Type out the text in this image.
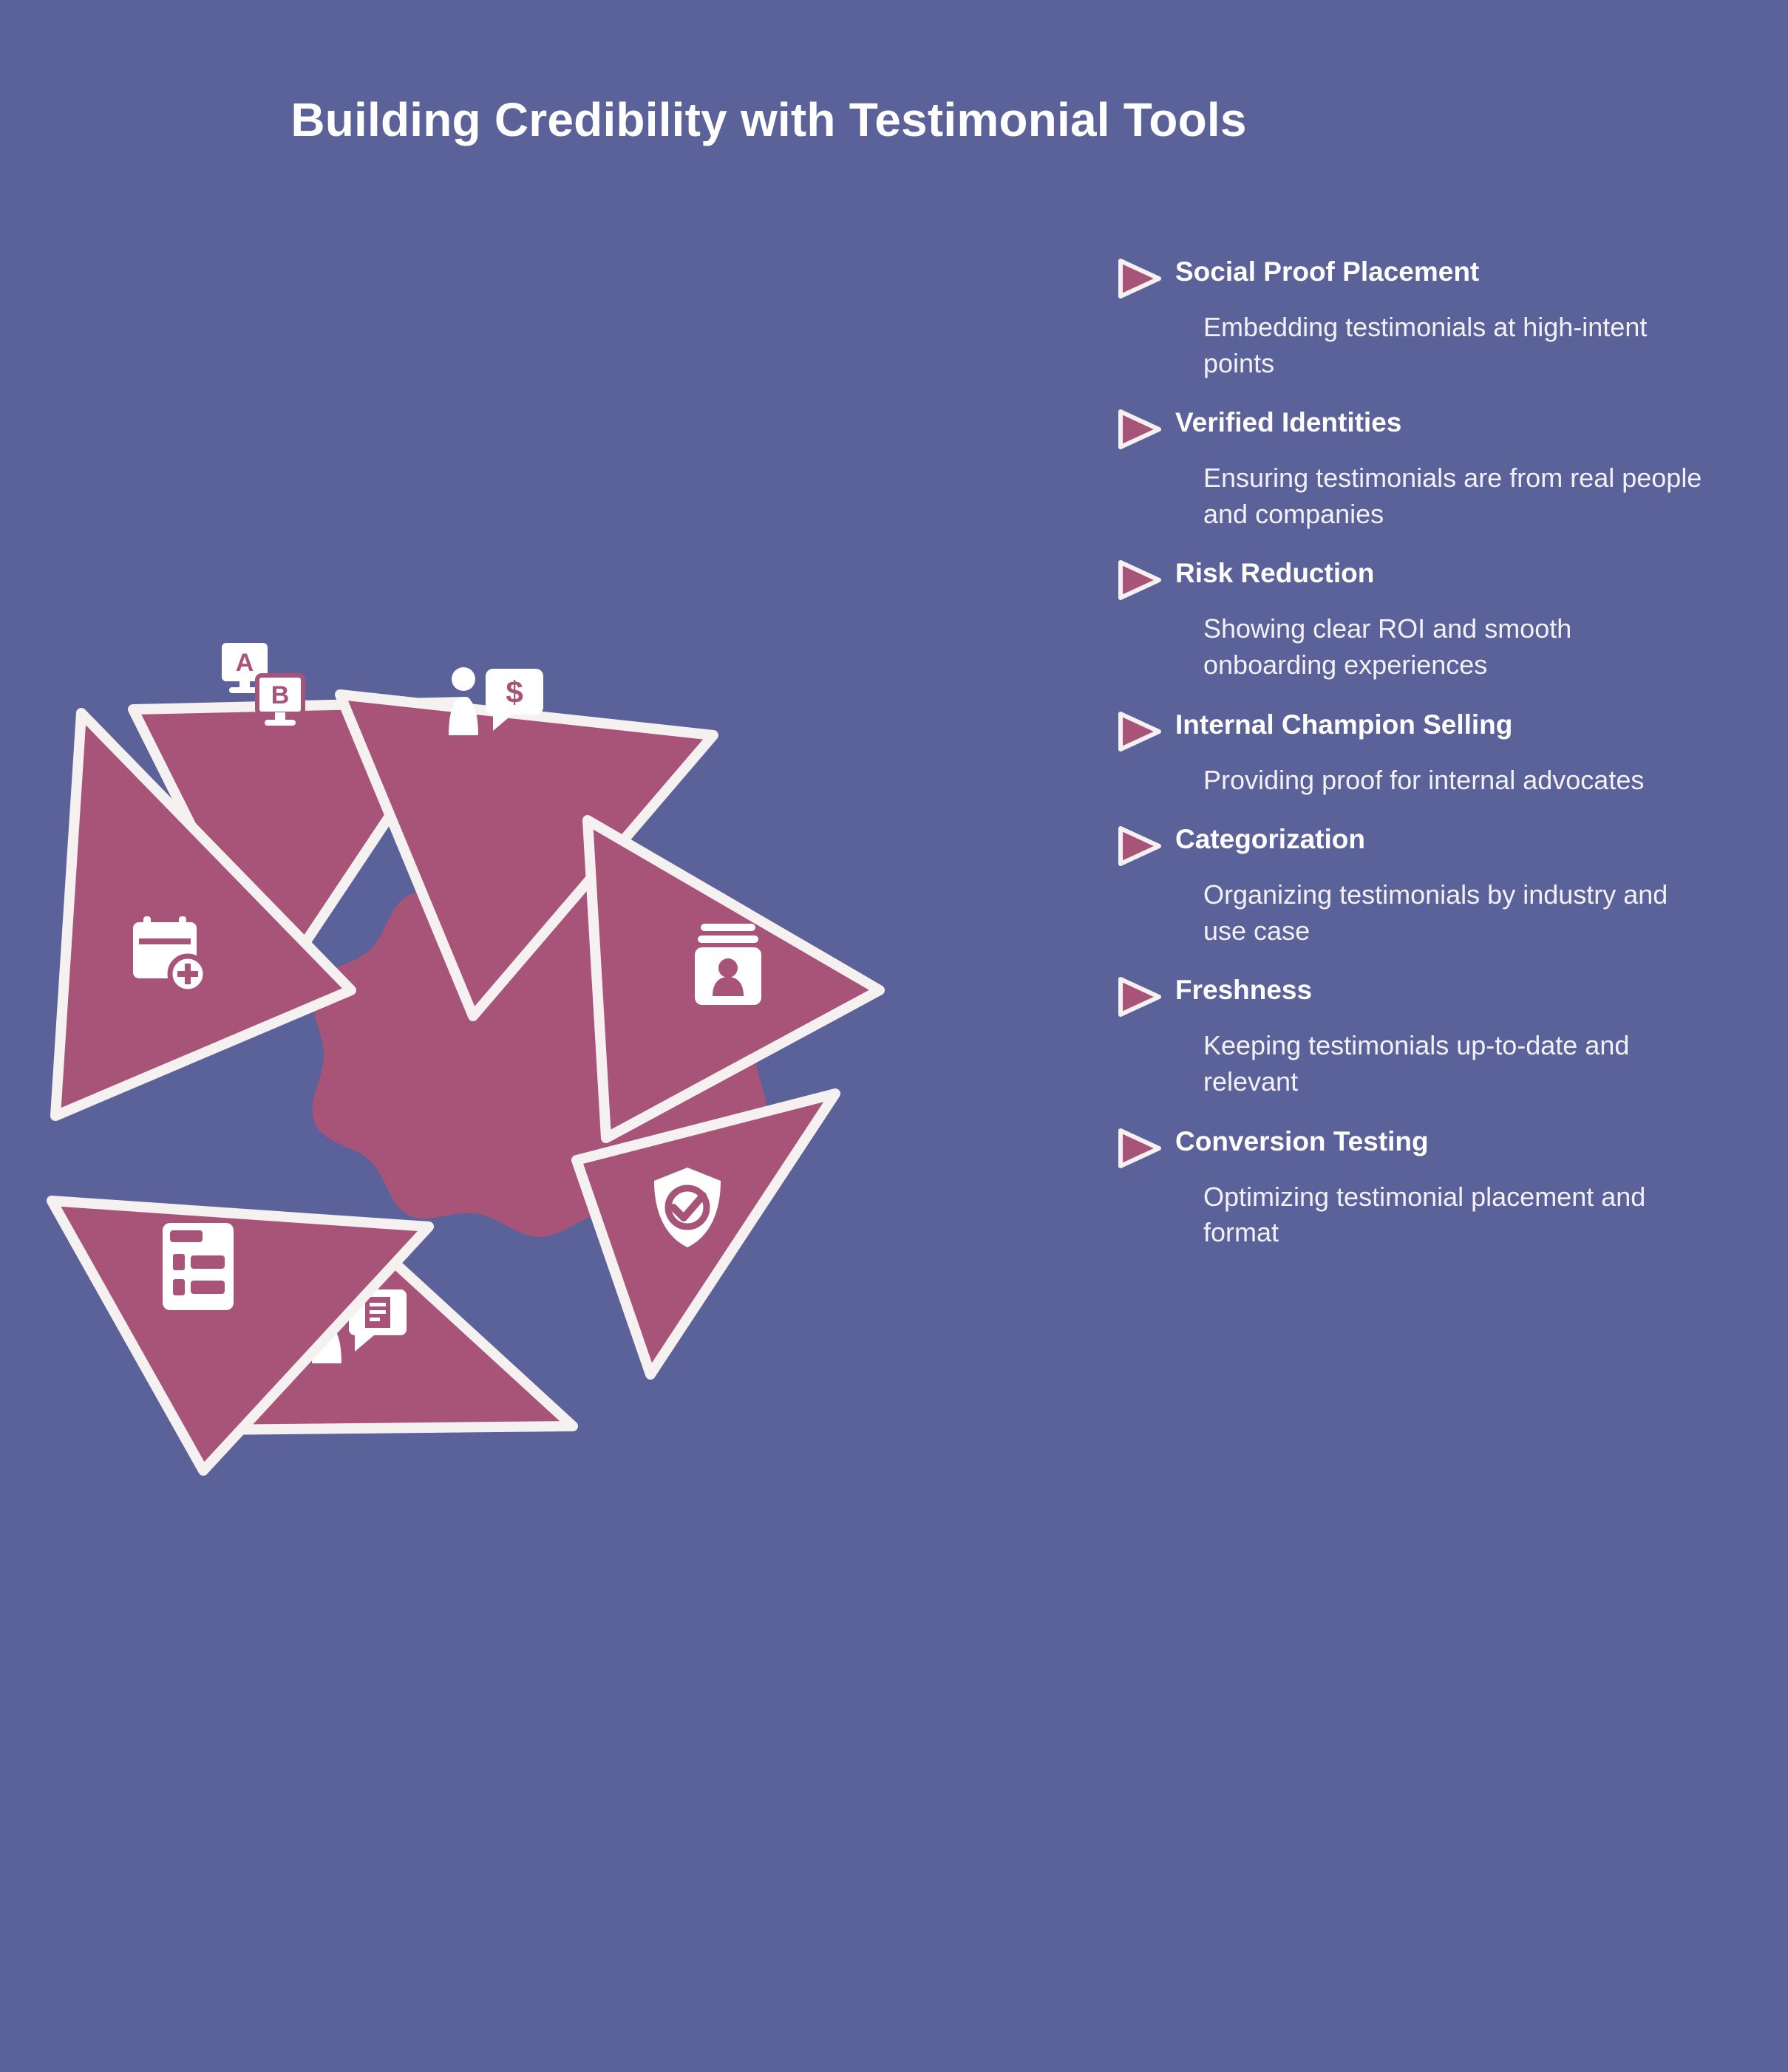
Building Credibility with Testimonial Tools
A
B	$
Social Proof Placement
Embedding testimonials at high-intent points
Verified Identities
Ensuring testimonials are from real people and companies
Risk Reduction
Showing clear ROI and smooth onboarding experiences
Internal Champion Selling
Providing proof for internal advocates
Categorization
Organizing testimonials by industry and use case
Freshness
Keeping testimonials up-to-date and relevant
Conversion Testing
Optimizing testimonial placement and format
